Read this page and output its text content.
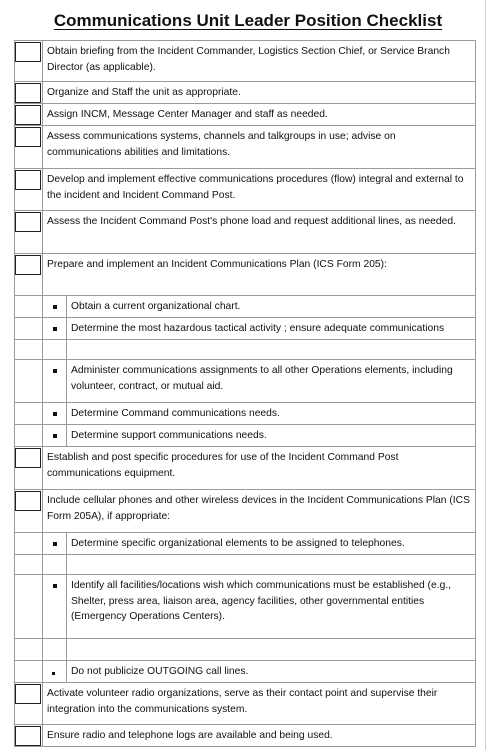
Communications Unit Leader Position Checklist
Obtain briefing from the Incident Commander, Logistics Section Chief, or Service Branch Director (as applicable).
Organize and Staff the unit as appropriate.
Assign INCM, Message Center Manager and staff as needed.
Assess communications systems, channels and talkgroups in use; advise on communications abilities and limitations.
Develop and implement effective communications procedures (flow) integral and external to the incident and Incident Command Post.
Assess the Incident Command Post's phone load and request additional lines, as needed.
Prepare and implement an Incident Communications Plan (ICS Form 205):
Obtain a current organizational chart.
Determine the most hazardous tactical activity ; ensure adequate communications
Administer communications assignments to all other Operations elements, including volunteer, contract, or mutual aid.
Determine Command communications needs.
Determine support communications needs.
Establish and post specific procedures for use of the Incident Command Post communications equipment.
Include cellular phones and other wireless devices in the Incident Communications Plan (ICS Form 205A), if appropriate:
Determine specific organizational elements to be assigned to telephones.
Identify all facilities/locations wish which communications must be established (e.g., Shelter, press area, liaison area, agency facilities, other governmental entities (Emergency Operations Centers).
Do not publicize OUTGOING call lines.
Activate volunteer radio organizations, serve as their contact point and supervise their integration into the communications system.
Ensure radio and telephone logs are available and being used.
